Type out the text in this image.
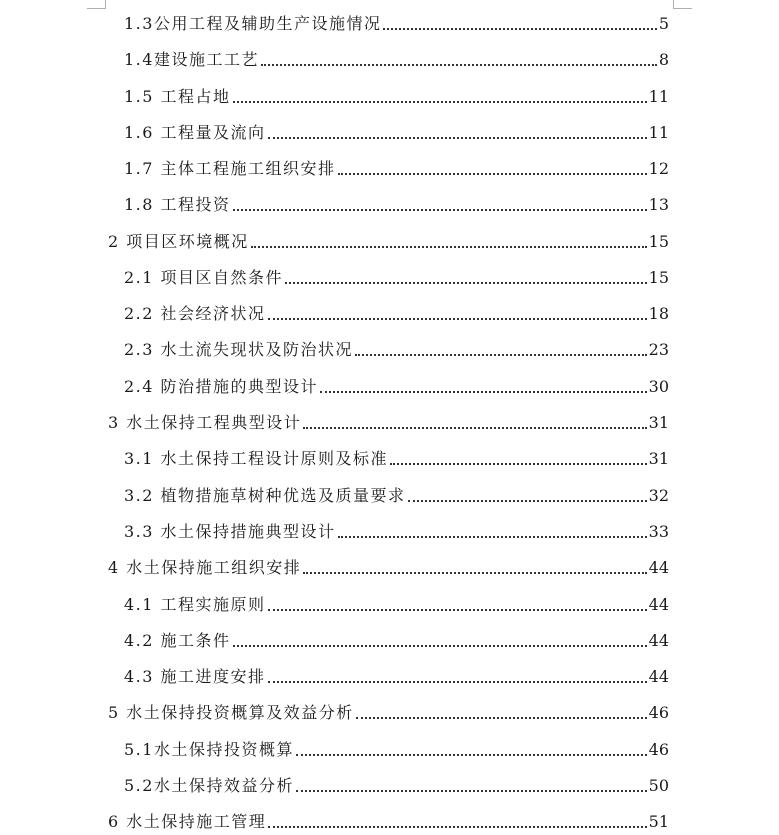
1.3公用工程及辅助生产设施情况	5
1.4建设施工工艺	8
1.5 工程占地	11
1.6 工程量及流向	11
1.7 主体工程施工组织安排	12
1.8 工程投资	13
2 项目区环境概况	15
2.1 项目区自然条件	15
2.2 社会经济状况	18
2.3 水土流失现状及防治状况	23
2.4 防治措施的典型设计	30
3 水土保持工程典型设计	31
3.1 水土保持工程设计原则及标准	31
3.2 植物措施草树种优选及质量要求	32
3.3 水土保持措施典型设计	33
4 水土保持施工组织安排	44
4.1 工程实施原则	44
4.2 施工条件	44
4.3 施工进度安排	44
5 水土保持投资概算及效益分析	46
5.1水土保持投资概算	46
5.2水土保持效益分析	50
6 水土保持施工管理	51
